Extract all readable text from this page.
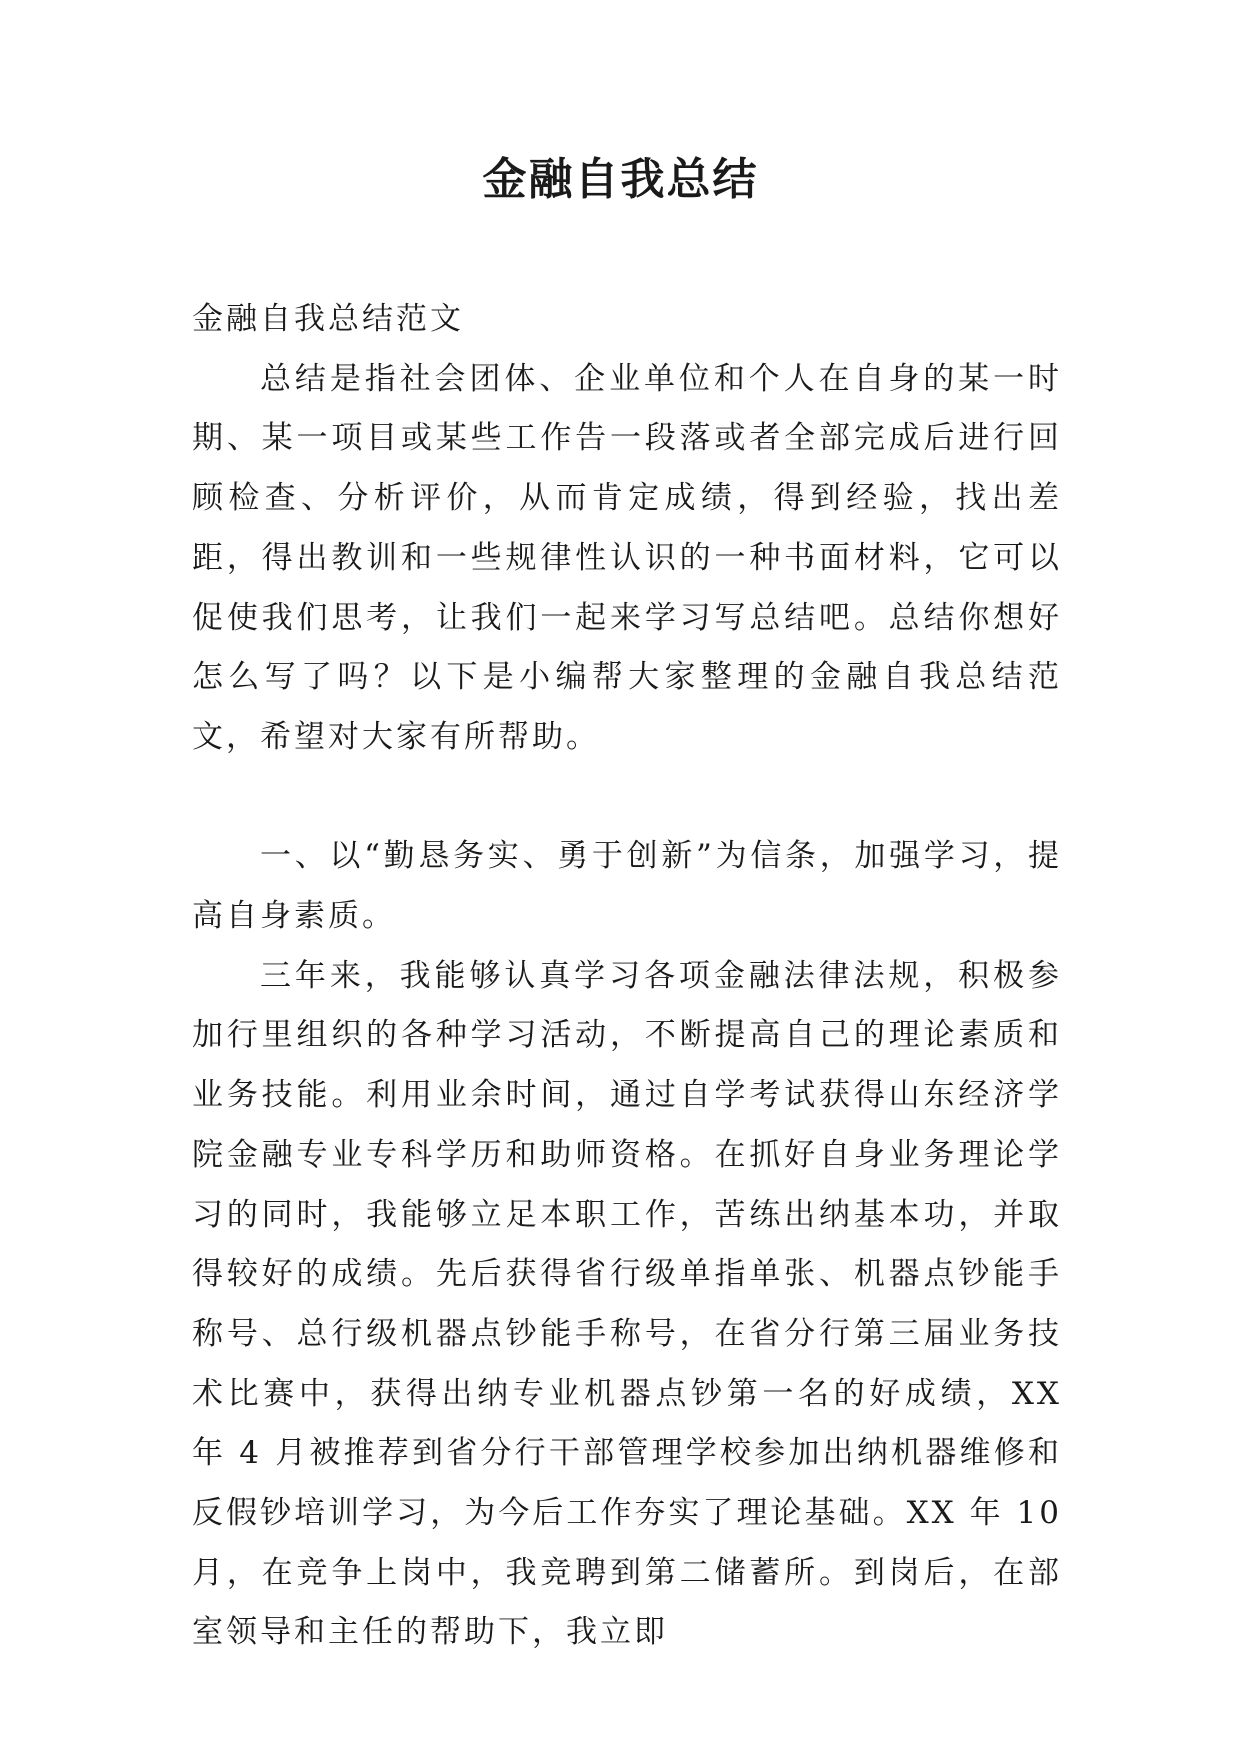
金融自我总结

金融自我总结范文

总结是指社会团体、企业单位和个人在自身的某一时期、某一项目或某些工作告一段落或者全部完成后进行回顾检查、分析评价，从而肯定成绩，得到经验，找出差距，得出教训和一些规律性认识的一种书面材料，它可以促使我们思考，让我们一起来学习写总结吧。总结你想好怎么写了吗？以下是小编帮大家整理的金融自我总结范文，希望对大家有所帮助。

一、以“勤恳务实、勇于创新”为信条，加强学习，提高自身素质。

三年来，我能够认真学习各项金融法律法规，积极参加行里组织的各种学习活动，不断提高自己的理论素质和业务技能。利用业余时间，通过自学考试获得山东经济学院金融专业专科学历和助师资格。在抓好自身业务理论学习的同时，我能够立足本职工作，苦练出纳基本功，并取得较好的成绩。先后获得省行级单指单张、机器点钞能手称号、总行级机器点钞能手称号，在省分行第三届业务技术比赛中，获得出纳专业机器点钞第一名的好成绩，XX 年 4 月被推荐到省分行干部管理学校参加出纳机器维修和反假钞培训学习，为今后工作夯实了理论基础。XX 年 10 月，在竞争上岗中，我竞聘到第二储蓄所。到岗后，在部室领导和主任的帮助下，我立即
